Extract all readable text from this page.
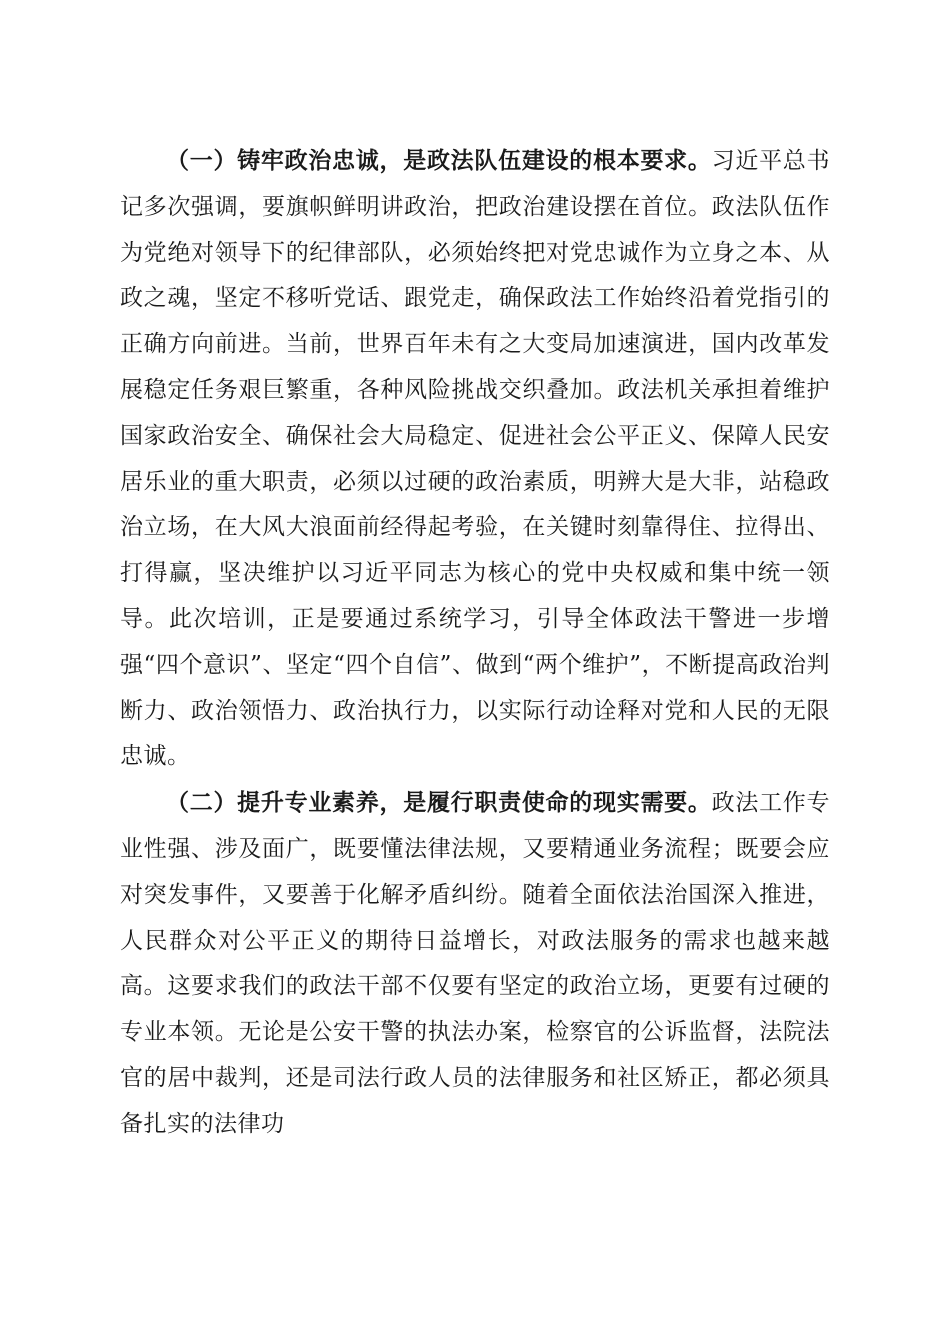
（一）铸牢政治忠诚，是政法队伍建设的根本要求。习近平总书记多次强调，要旗帜鲜明讲政治，把政治建设摆在首位。政法队伍作为党绝对领导下的纪律部队，必须始终把对党忠诚作为立身之本、从政之魂，坚定不移听党话、跟党走，确保政法工作始终沿着党指引的正确方向前进。当前，世界百年未有之大变局加速演进，国内改革发展稳定任务艰巨繁重，各种风险挑战交织叠加。政法机关承担着维护国家政治安全、确保社会大局稳定、促进社会公平正义、保障人民安居乐业的重大职责，必须以过硬的政治素质，明辨大是大非，站稳政治立场，在大风大浪面前经得起考验，在关键时刻靠得住、拉得出、打得赢，坚决维护以习近平同志为核心的党中央权威和集中统一领导。此次培训，正是要通过系统学习，引导全体政法干警进一步增强“四个意识”、坚定“四个自信”、做到“两个维护”，不断提高政治判断力、政治领悟力、政治执行力，以实际行动诠释对党和人民的无限忠诚。

（二）提升专业素养，是履行职责使命的现实需要。政法工作专业性强、涉及面广，既要懂法律法规，又要精通业务流程；既要会应对突发事件，又要善于化解矛盾纠纷。随着全面依法治国深入推进，人民群众对公平正义的期待日益增长，对政法服务的需求也越来越高。这要求我们的政法干部不仅要有坚定的政治立场，更要有过硬的专业本领。无论是公安干警的执法办案，检察官的公诉监督，法院法官的居中裁判，还是司法行政人员的法律服务和社区矫正，都必须具备扎实的法律功
